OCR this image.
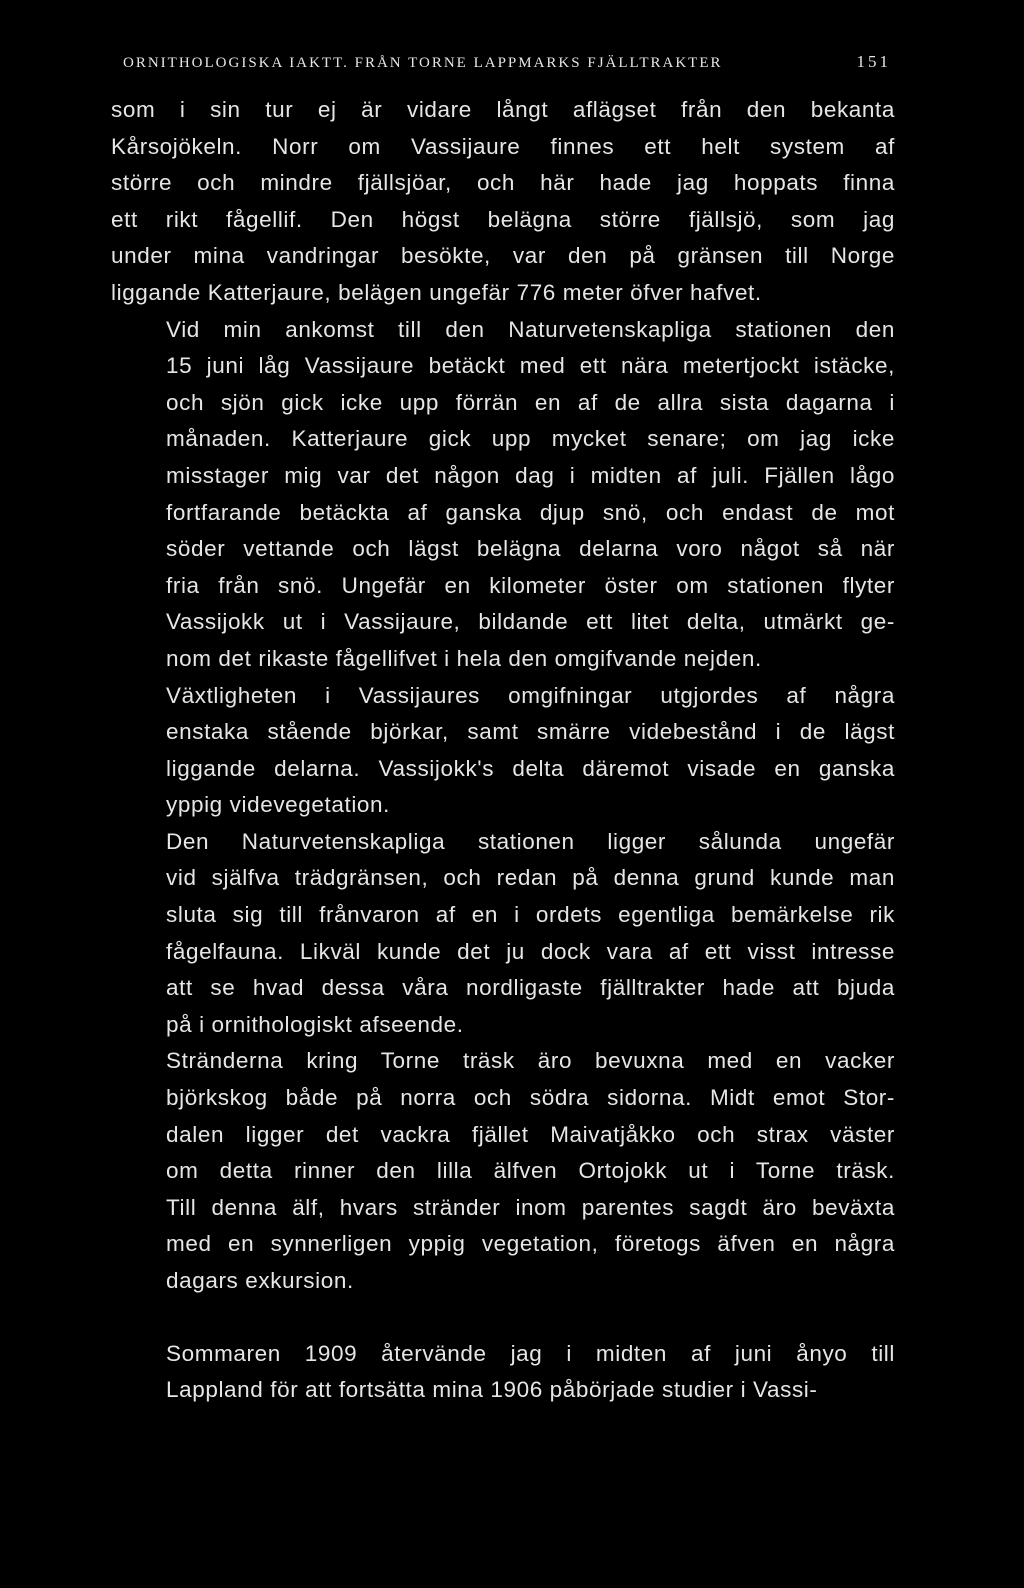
ORNITHOLOGISKA IAKTT. FRÅN TORNE LAPPMARKS FJÄLLTRAKTER	151

som i sin tur ej är vidare långt aflägset från den bekanta
Kårsojökeln. Norr om Vassijaure finnes ett helt system af
större och mindre fjällsjöar, och här hade jag hoppats finna
ett rikt fågellif. Den högst belägna större fjällsjö, som jag
under mina vandringar besökte, var den på gränsen till Norge
liggande Katterjaure, belägen ungefär 776 meter öfver hafvet.

Vid min ankomst till den Naturvetenskapliga stationen den
15 juni låg Vassijaure betäckt med ett nära metertjockt istäcke,
och sjön gick icke upp förrän en af de allra sista dagarna i
månaden. Katterjaure gick upp mycket senare; om jag icke
misstager mig var det någon dag i midten af juli. Fjällen lågo
fortfarande betäckta af ganska djup snö, och endast de mot
söder vettande och lägst belägna delarna voro något så när
fria från snö. Ungefär en kilometer öster om stationen flyter
Vassijokk ut i Vassijaure, bildande ett litet delta, utmärkt ge-
nom det rikaste fågellifvet i hela den omgifvande nejden.

Växtligheten i Vassijaures omgifningar utgjordes af några
enstaka stående björkar, samt smärre videbestånd i de lägst
liggande delarna. Vassijokk's delta däremot visade en ganska
yppig videvegetation.

Den Naturvetenskapliga stationen ligger sålunda ungefär
vid själfva trädgränsen, och redan på denna grund kunde man
sluta sig till frånvaron af en i ordets egentliga bemärkelse rik
fågelfauna. Likväl kunde det ju dock vara af ett visst intresse
att se hvad dessa våra nordligaste fjälltrakter hade att bjuda
på i ornithologiskt afseende.

Stränderna kring Torne träsk äro bevuxna med en vacker
björkskog både på norra och södra sidorna. Midt emot Stor-
dalen ligger det vackra fjället Maivatjåkko och strax väster
om detta rinner den lilla älfven Ortojokk ut i Torne träsk.
Till denna älf, hvars stränder inom parentes sagdt äro beväxta
med en synnerligen yppig vegetation, företogs äfven en några
dagars exkursion.

Sommaren 1909 återvände jag i midten af juni ånyo till
Lappland för att fortsätta mina 1906 påbörjade studier i Vassi-
